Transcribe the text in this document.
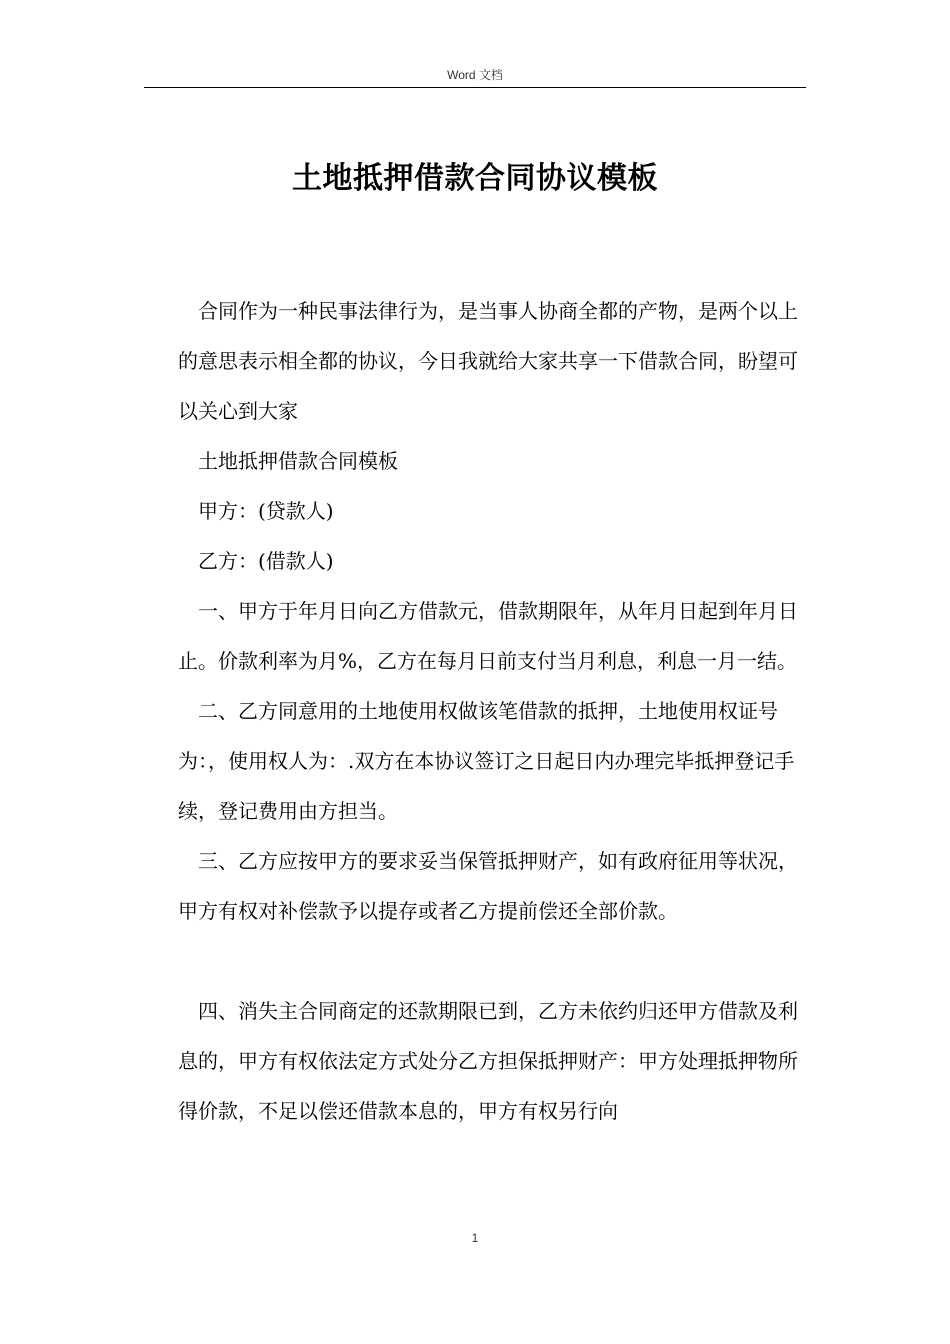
Word 文档
土地抵押借款合同协议模板

合同作为一种民事法律行为，是当事人协商全都的产物，是两个以上的意思表示相全都的协议，今日我就给大家共享一下借款合同，盼望可以关心到大家

土地抵押借款合同模板

甲方：(贷款人)

乙方：(借款人)

一、甲方于年月日向乙方借款元，借款期限年，从年月日起到年月日止。价款利率为月%，乙方在每月日前支付当月利息，利息一月一结。

二、乙方同意用的土地使用权做该笔借款的抵押，土地使用权证号为：，使用权人为：.双方在本协议签订之日起日内办理完毕抵押登记手续，登记费用由方担当。

三、乙方应按甲方的要求妥当保管抵押财产，如有政府征用等状况，甲方有权对补偿款予以提存或者乙方提前偿还全部价款。

四、消失主合同商定的还款期限已到，乙方未依约归还甲方借款及利息的，甲方有权依法定方式处分乙方担保抵押财产：甲方处理抵押物所得价款，不足以偿还借款本息的，甲方有权另行向

1
